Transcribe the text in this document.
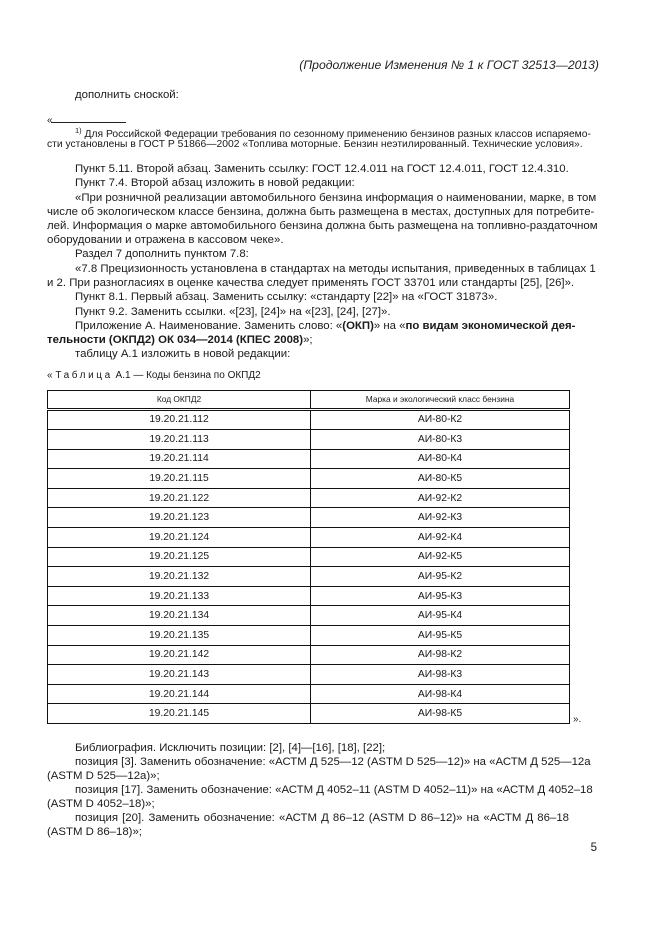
(Продолжение Изменения № 1 к ГОСТ 32513—2013)
дополнить сноской:
«
$^{1)}$ Для Российской Федерации требования по сезонному применению бензинов разных классов испаряемо-
сти установлены в ГОСТ Р 51866—2002 «Топлива моторные. Бензин неэтилированный. Технические условия».
Пункт 5.11. Второй абзац. Заменить ссылку: ГОСТ 12.4.011 на ГОСТ 12.4.011, ГОСТ 12.4.310.
Пункт 7.4. Второй абзац изложить в новой редакции:
«При розничной реализации автомобильного бензина информация о наименовании, марке, в том
числе об экологическом классе бензина, должна быть размещена в местах, доступных для потребите-
лей. Информация о марке автомобильного бензина должна быть размещена на топливно-раздаточном
оборудовании и отражена в кассовом чеке».
Раздел 7 дополнить пунктом 7.8:
«7.8 Прецизионность установлена в стандартах на методы испытания, приведенных в таблицах 1
и 2. При разногласиях в оценке качества следует применять ГОСТ 33701 или стандарты [25], [26]».
Пункт 8.1. Первый абзац. Заменить ссылку: «стандарту [22]» на «ГОСТ 31873».
Пункт 9.2. Заменить ссылки. «[23], [24]» на «[23], [24], [27]».
Приложение А. Наименование. Заменить слово: «(ОКП)» на «по видам экономической дея-
тельности (ОКПД2) ОК 034—2014 (КПЕС 2008)»;
таблицу А.1 изложить в новой редакции:
« Таблица А.1 — Коды бензина по ОКПД2
Код ОКПД2	Марка и экологический класс бензина
19.20.21.112	АИ-80-К2
19.20.21.113	АИ-80-К3
19.20.21.114	АИ-80-К4
19.20.21.115	АИ-80-К5
19.20.21.122	АИ-92-К2
19.20.21.123	АИ-92-К3
19.20.21.124	АИ-92-К4
19.20.21.125	АИ-92-К5
19.20.21.132	АИ-95-К2
19.20.21.133	АИ-95-К3
19.20.21.134	АИ-95-К4
19.20.21.135	АИ-95-К5
19.20.21.142	АИ-98-К2
19.20.21.143	АИ-98-К3
19.20.21.144	АИ-98-К4
19.20.21.145	АИ-98-К5
».
Библиография. Исключить позиции: [2], [4]—[16], [18], [22];
позиция [3]. Заменить обозначение: «АСТМ Д 525—12 (ASTM D 525—12)» на «АСТМ Д 525—12а
(ASTM D 525—12a)»;
позиция [17]. Заменить обозначение: «АСТМ Д 4052–11 (ASTM D 4052–11)» на «АСТМ Д 4052–18
(ASTM D 4052–18)»;
позиция [20]. Заменить обозначение: «АСТМ Д 86–12 (ASTM D 86–12)» на «АСТМ Д 86–18
(ASTM D 86–18)»;
5
